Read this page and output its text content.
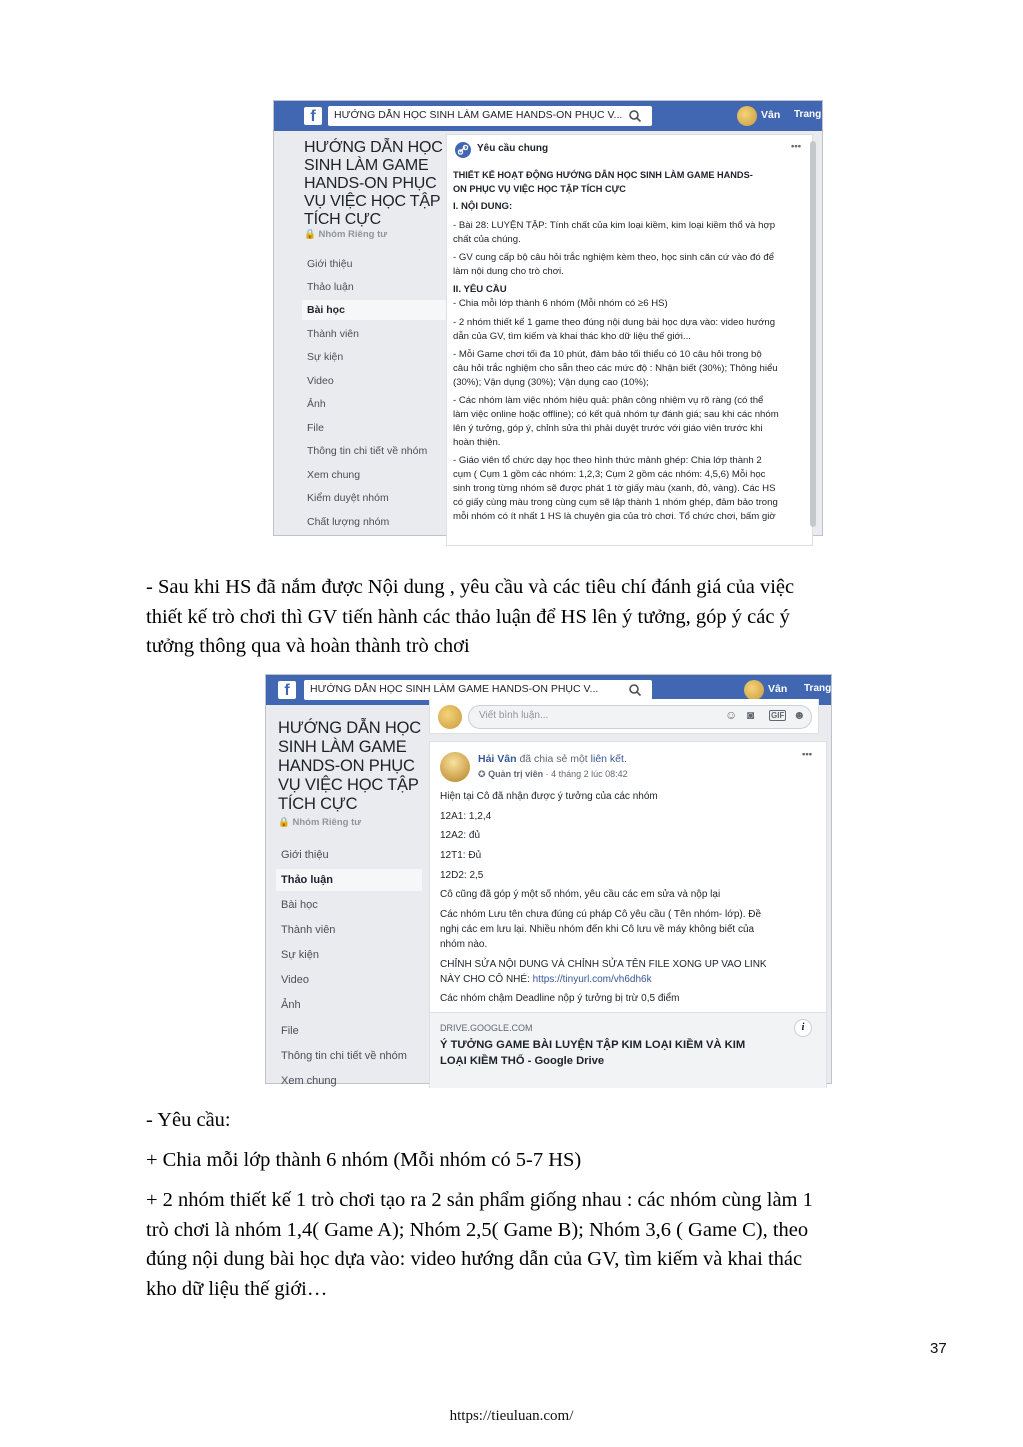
f	HƯỚNG DẪN HỌC SINH LÀM GAME HANDS-ON PHỤC V...	Vân Trang c
HƯỚNG DẪN HỌC
SINH LÀM GAME
HANDS-ON PHỤC
VỤ VIỆC HỌC TẬP
TÍCH CỰC
🔒 Nhóm Riêng tư
Giới thiệu
Thảo luận
Bài học
Thành viên
Sự kiện
Video
Ảnh
File
Thông tin chi tiết về nhóm
Xem chung
Kiểm duyệt nhóm
Chất lượng nhóm
Yêu cầu chung	•••
THIẾT KẾ HOẠT ĐỘNG HƯỚNG DẪN HỌC SINH LÀM GAME HANDS-
ON PHỤC VỤ VIỆC HỌC TẬP TÍCH CỰC
I. NỘI DUNG:
- Bài 28: LUYỆN TẬP: Tính chất của kim loại kiềm, kim loại kiềm thổ và hợp
chất của chúng.
- GV cung cấp bộ câu hỏi trắc nghiệm kèm theo, học sinh căn cứ vào đó để
làm nội dung cho trò chơi.
II. YÊU CẦU
- Chia mỗi lớp thành 6 nhóm (Mỗi nhóm có ≥6 HS)
- 2 nhóm thiết kế 1 game theo đúng nội dung bài học dựa vào: video hướng
dẫn của GV, tìm kiếm và khai thác kho dữ liệu thế giới...
- Mỗi Game chơi tối đa 10 phút, đảm bảo tối thiểu có 10 câu hỏi trong bộ
câu hỏi trắc nghiệm cho sẵn theo các mức độ : Nhận biết (30%); Thông hiểu
(30%); Vận dụng (30%); Vận dụng cao (10%);
- Các nhóm làm việc nhóm hiệu quả: phân công nhiệm vụ rõ ràng (có thể
làm việc online hoặc offline); có kết quả nhóm tự đánh giá; sau khi các nhóm
lên ý tưởng, góp ý, chỉnh sửa thì phải duyệt trước với giáo viên trước khi
hoàn thiện.
- Giáo viên tổ chức dạy học theo hình thức mảnh ghép: Chia lớp thành 2
cụm ( Cụm 1 gồm các nhóm: 1,2,3; Cụm 2 gồm các nhóm: 4,5,6) Mỗi học
sinh trong từng nhóm sẽ được phát 1 tờ giấy màu (xanh, đỏ, vàng). Các HS
có giấy cùng màu trong cùng cụm sẽ lập thành 1 nhóm ghép, đảm bảo trong
mỗi nhóm có ít nhất 1 HS là chuyên gia của trò chơi. Tổ chức chơi, bấm giờ
- Sau khi HS đã nắm được Nội dung , yêu cầu và các tiêu chí đánh giá của việc
thiết kế trò chơi thì GV tiến hành các thảo luận để HS lên ý tưởng, góp ý các ý
tưởng thông qua và hoàn thành trò chơi
f	HƯỚNG DẪN HỌC SINH LÀM GAME HANDS-ON PHỤC V...	Vân Trang
HƯỚNG DẪN HỌC
SINH LÀM GAME
HANDS-ON PHỤC
VỤ VIỆC HỌC TẬP
TÍCH CỰC
🔒 Nhóm Riêng tư
Giới thiệu
Thảo luận
Bài học
Thành viên
Sự kiện
Video
Ảnh
File
Thông tin chi tiết về nhóm
Xem chung
Viết bình luận...	☺ ◙ GIF ☻
Hải Vân đã chia sẻ một liên kết.
✪ Quản trị viên · 4 tháng 2 lúc 08:42
•••
Hiện tại Cô đã nhận được ý tưởng của các nhóm
12A1: 1,2,4
12A2: đủ
12T1: Đủ
12D2: 2,5
Cô cũng đã góp ý một số nhóm, yêu cầu các em sửa và nộp lại
Các nhóm Lưu tên chưa đúng cú pháp Cô yêu cầu ( Tên nhóm- lớp). Đề
nghị các em lưu lại. Nhiều nhóm đến khi Cô lưu về máy không biết của
nhóm nào.
CHỈNH SỬA NỘI DUNG VÀ CHỈNH SỬA TÊN FILE XONG UP VAO LINK
NÀY CHO CÔ NHÉ: https://tinyurl.com/vh6dh6k
Các nhóm chậm Deadline nộp ý tưởng bị trừ 0,5 điểm
DRIVE.GOOGLE.COM	i
Ý TƯỞNG GAME BÀI LUYỆN TẬP KIM LOẠI KIỀM VÀ KIM
LOẠI KIỀM THỔ - Google Drive
- Yêu cầu:
+ Chia mỗi lớp thành 6 nhóm (Mỗi nhóm có 5-7 HS)
+ 2 nhóm thiết kế 1 trò chơi tạo ra 2 sản phẩm giống nhau : các nhóm cùng làm 1
trò chơi là nhóm 1,4( Game A); Nhóm 2,5( Game B); Nhóm 3,6 ( Game C), theo
đúng nội dung bài học dựa vào: video hướng dẫn của GV, tìm kiếm và khai thác
kho dữ liệu thế giới…
37
https://tieuluan.com/
